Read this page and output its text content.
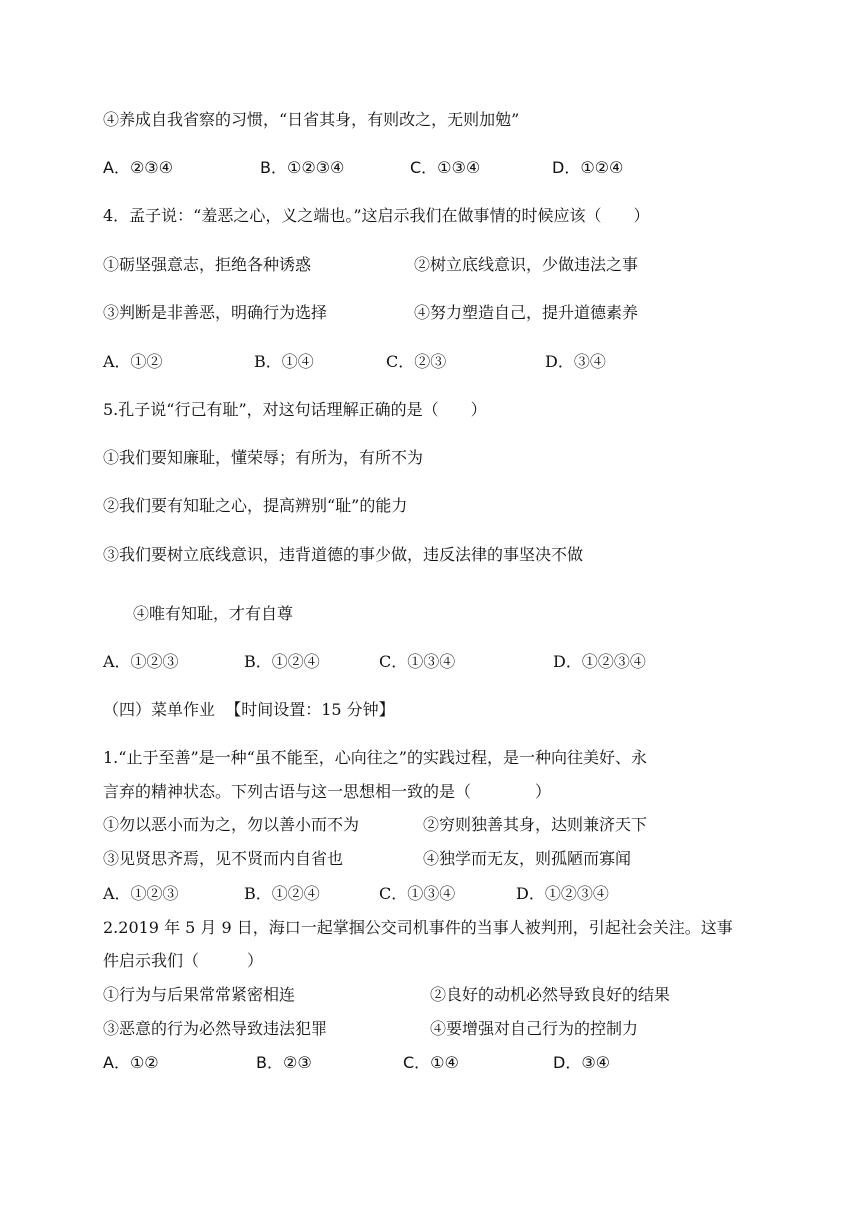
④养成自我省察的习惯，“日省其身，有则改之，无则加勉”
A．②③④	B．①②③④	C．①③④	D．①②④
4．孟子说：“羞恶之心，义之端也。”这启示我们在做事情的时候应该（　　）
①砺坚强意志，拒绝各种诱惑	②树立底线意识，少做违法之事
③判断是非善恶，明确行为选择	④努力塑造自己，提升道德素养
A．①②	B．①④	C．②③	D．③④
5.孔子说“行己有耻”，对这句话理解正确的是（　　）
①我们要知廉耻，懂荣辱；有所为，有所不为
②我们要有知耻之心，提高辨别“耻”的能力
③我们要树立底线意识，违背道德的事少做，违反法律的事坚决不做
④唯有知耻，才有自尊
A．①②③	B．①②④	C．①③④	D．①②③④
（四）菜单作业 【时间设置：15 分钟】
1.“止于至善”是一种“虽不能至，心向往之”的实践过程，是一种向往美好、永
言弃的精神状态。下列古语与这一思想相一致的是（　　　　）
①勿以恶小而为之，勿以善小而不为	②穷则独善其身，达则兼济天下
③见贤思齐焉，见不贤而内自省也	④独学而无友，则孤陋而寡闻
A．①②③	B．①②④	C．①③④	D．①②③④
2.2019 年 5 月 9 日，海口一起掌掴公交司机事件的当事人被判刑，引起社会关注。这事
件启示我们（　　　）
①行为与后果常常紧密相连	②良好的动机必然导致良好的结果
③恶意的行为必然导致违法犯罪	④要增强对自己行为的控制力
A．①②	B．②③	C．①④	D．③④
